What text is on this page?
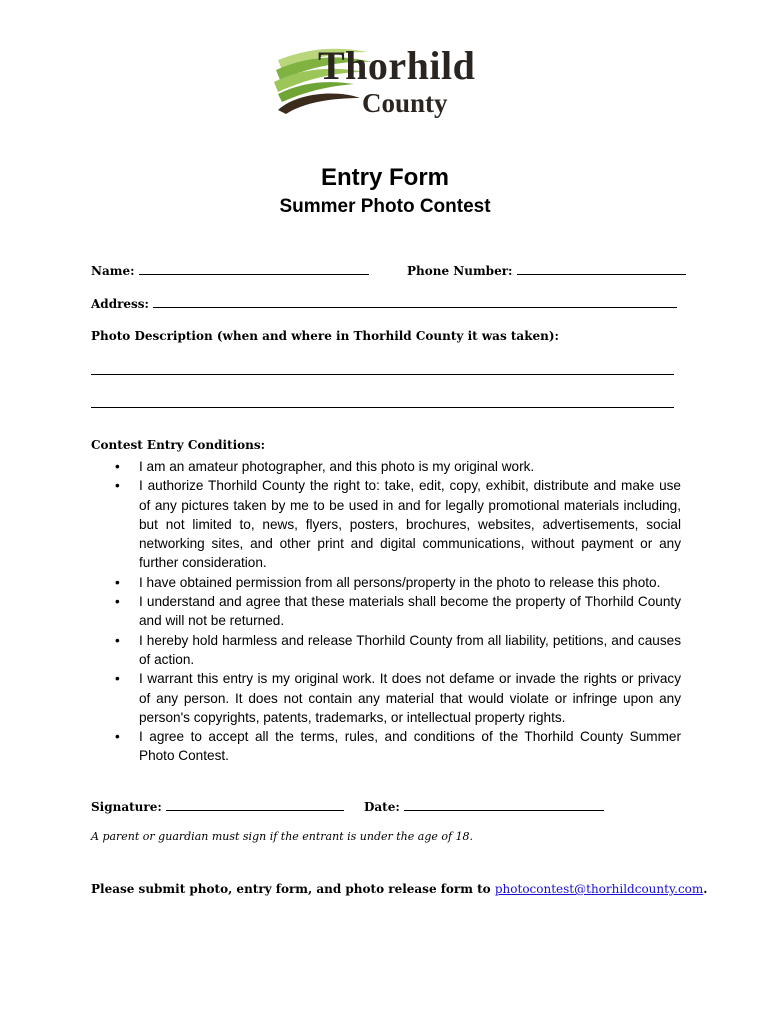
Thorhild
County
Entry Form
Summer Photo Contest
Name:	Phone Number:
Address:
Photo Description (when and where in Thorhild County it was taken):
Contest Entry Conditions:
• I am an amateur photographer, and this photo is my original work.
• I authorize Thorhild County the right to: take, edit, copy, exhibit, distribute and make use of any pictures taken by me to be used in and for legally promotional materials including, but not limited to, news, flyers, posters, brochures, websites, advertisements, social networking sites, and other print and digital communications, without payment or any further consideration.
• I have obtained permission from all persons/property in the photo to release this photo.
• I understand and agree that these materials shall become the property of Thorhild County and will not be returned.
• I hereby hold harmless and release Thorhild County from all liability, petitions, and causes of action.
• I warrant this entry is my original work. It does not defame or invade the rights or privacy of any person. It does not contain any material that would violate or infringe upon any person's copyrights, patents, trademarks, or intellectual property rights.
• I agree to accept all the terms, rules, and conditions of the Thorhild County Summer Photo Contest.
Signature:	Date:
A parent or guardian must sign if the entrant is under the age of 18.
Please submit photo, entry form, and photo release form to photocontest@thorhildcounty.com.
